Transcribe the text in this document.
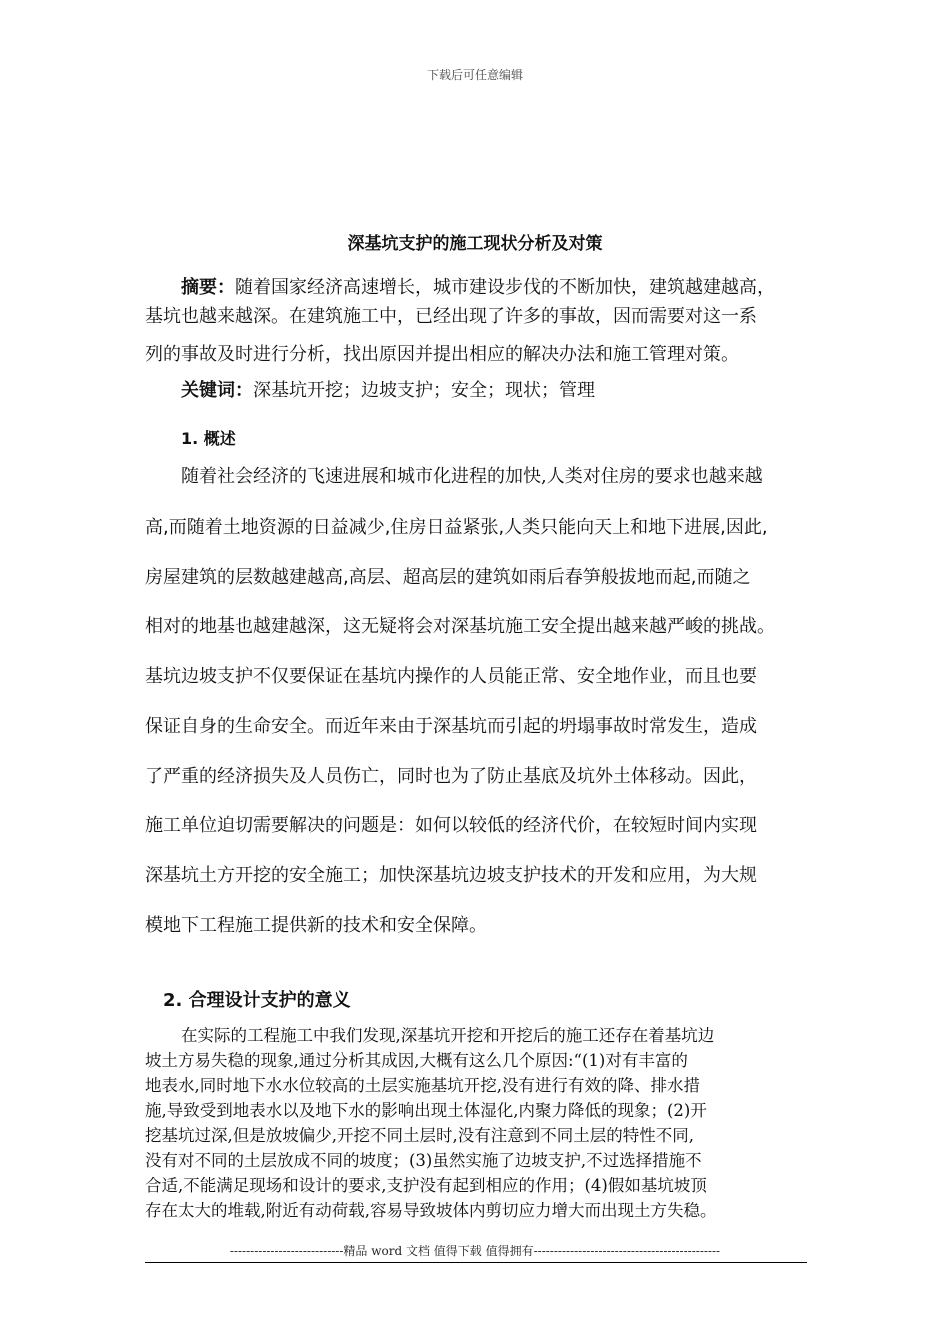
下载后可任意编辑
深基坑支护的施工现状分析及对策
摘要：随着国家经济高速增长，城市建设步伐的不断加快，建筑越建越高，
基坑也越来越深。在建筑施工中，已经出现了许多的事故，因而需要对这一系
列的事故及时进行分析，找出原因并提出相应的解决办法和施工管理对策。
关键词：深基坑开挖；边坡支护；安全；现状；管理
1. 概述
随着社会经济的飞速进展和城市化进程的加快,人类对住房的要求也越来越
高,而随着土地资源的日益减少,住房日益紧张,人类只能向天上和地下进展,因此,
房屋建筑的层数越建越高,高层、超高层的建筑如雨后春笋般拔地而起,而随之
相对的地基也越建越深，这无疑将会对深基坑施工安全提出越来越严峻的挑战。
基坑边坡支护不仅要保证在基坑内操作的人员能正常、安全地作业，而且也要
保证自身的生命安全。而近年来由于深基坑而引起的坍塌事故时常发生，造成
了严重的经济损失及人员伤亡，同时也为了防止基底及坑外土体移动。因此，
施工单位迫切需要解决的问题是：如何以较低的经济代价，在较短时间内实现
深基坑土方开挖的安全施工；加快深基坑边坡支护技术的开发和应用，为大规
模地下工程施工提供新的技术和安全保障。
2. 合理设计支护的意义
在实际的工程施工中我们发现,深基坑开挖和开挖后的施工还存在着基坑边
坡土方易失稳的现象,通过分析其成因,大概有这么几个原因:“(1)对有丰富的
地表水,同时地下水水位较高的土层实施基坑开挖,没有进行有效的降、排水措
施,导致受到地表水以及地下水的影响出现土体湿化,内聚力降低的现象；(2)开
挖基坑过深,但是放坡偏少,开挖不同土层时,没有注意到不同土层的特性不同,
没有对不同的土层放成不同的坡度；(3)虽然实施了边坡支护,不过选择措施不
合适,不能满足现场和设计的要求,支护没有起到相应的作用；(4)假如基坑坡顶
存在太大的堆载,附近有动荷载,容易导致坡体内剪切应力增大而出现土方失稳。
----------------------------精品 word 文档 值得下载 值得拥有----------------------------------------------
